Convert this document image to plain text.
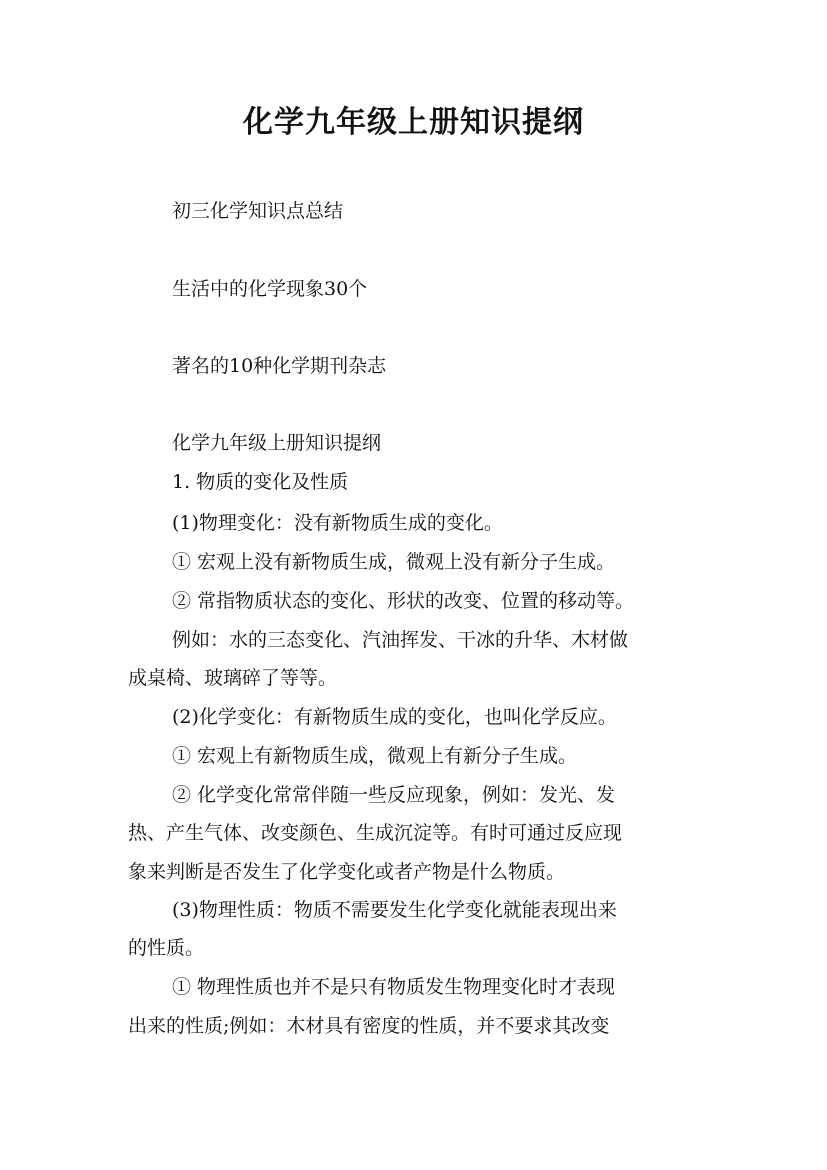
化学九年级上册知识提纲

初三化学知识点总结

生活中的化学现象30个

著名的10种化学期刊杂志

化学九年级上册知识提纲

1. 物质的变化及性质

(1)物理变化：没有新物质生成的变化。

① 宏观上没有新物质生成，微观上没有新分子生成。

② 常指物质状态的变化、形状的改变、位置的移动等。

例如：水的三态变化、汽油挥发、干冰的升华、木材做

成桌椅、玻璃碎了等等。

(2)化学变化：有新物质生成的变化，也叫化学反应。

① 宏观上有新物质生成，微观上有新分子生成。

② 化学变化常常伴随一些反应现象，例如：发光、发

热、产生气体、改变颜色、生成沉淀等。有时可通过反应现

象来判断是否发生了化学变化或者产物是什么物质。

(3)物理性质：物质不需要发生化学变化就能表现出来

的性质。

① 物理性质也并不是只有物质发生物理变化时才表现

出来的性质;例如：木材具有密度的性质，并不要求其改变
